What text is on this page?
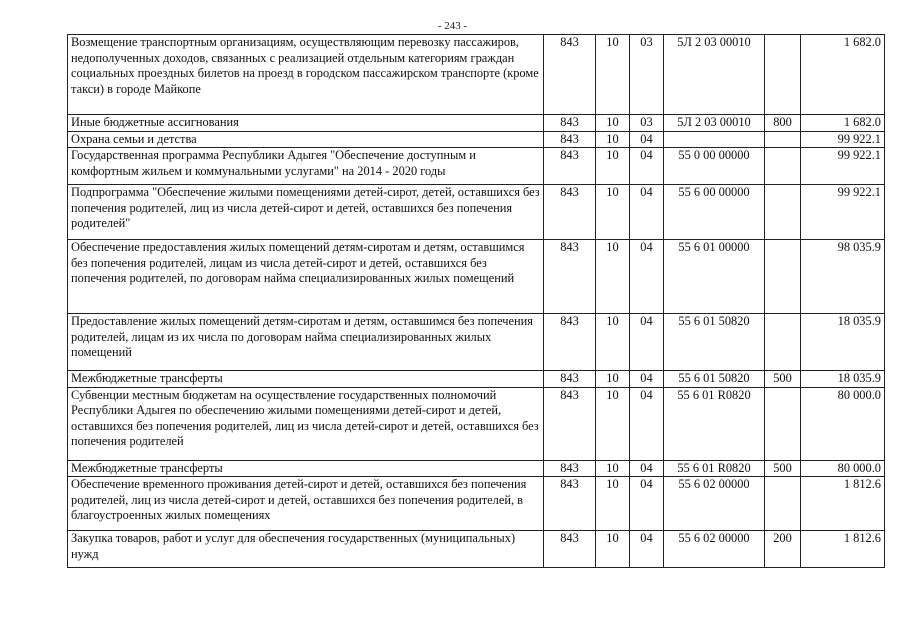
- 243 -
Возмещение транспортным организациям, осуществляющим перевозку пассажиров, недополученных доходов, связанных с реализацией отдельным категориям граждан социальных проездных билетов на проезд в городском пассажирском транспорте (кроме такси) в городе Майкопе	843	10	03	5Л 2 03 00010		1 682.0
Иные бюджетные ассигнования	843	10	03	5Л 2 03 00010	800	1 682.0
Охрана семьи и детства	843	10	04			99 922.1
Государственная программа Республики Адыгея "Обеспечение доступным и комфортным жильем и коммунальными услугами" на 2014 - 2020 годы	843	10	04	55 0 00 00000		99 922.1
Подпрограмма "Обеспечение жилыми помещениями детей-сирот, детей, оставшихся без попечения родителей, лиц из числа детей-сирот и детей, оставшихся без попечения родителей"	843	10	04	55 6 00 00000		99 922.1
Обеспечение предоставления жилых помещений детям-сиротам и детям, оставшимся без попечения родителей, лицам из числа детей-сирот и детей, оставшихся без попечения родителей, по договорам найма специализированных жилых помещений	843	10	04	55 6 01 00000		98 035.9
Предоставление жилых помещений детям-сиротам и детям, оставшимся без попечения родителей, лицам из их числа по договорам найма специализированных жилых помещений	843	10	04	55 6 01 50820		18 035.9
Межбюджетные трансферты	843	10	04	55 6 01 50820	500	18 035.9
Субвенции местным бюджетам на осуществление государственных полномочий Республики Адыгея по обеспечению жилыми помещениями детей-сирот и детей, оставшихся без попечения родителей, лиц из числа детей-сирот и детей, оставшихся без попечения родителей	843	10	04	55 6 01 R0820		80 000.0
Межбюджетные трансферты	843	10	04	55 6 01 R0820	500	80 000.0
Обеспечение временного проживания детей-сирот и детей, оставшихся без попечения родителей, лиц из числа детей-сирот и детей, оставшихся без попечения родителей, в благоустроенных жилых помещениях	843	10	04	55 6 02 00000		1 812.6
Закупка товаров, работ и услуг для обеспечения государственных (муниципальных) нужд	843	10	04	55 6 02 00000	200	1 812.6
